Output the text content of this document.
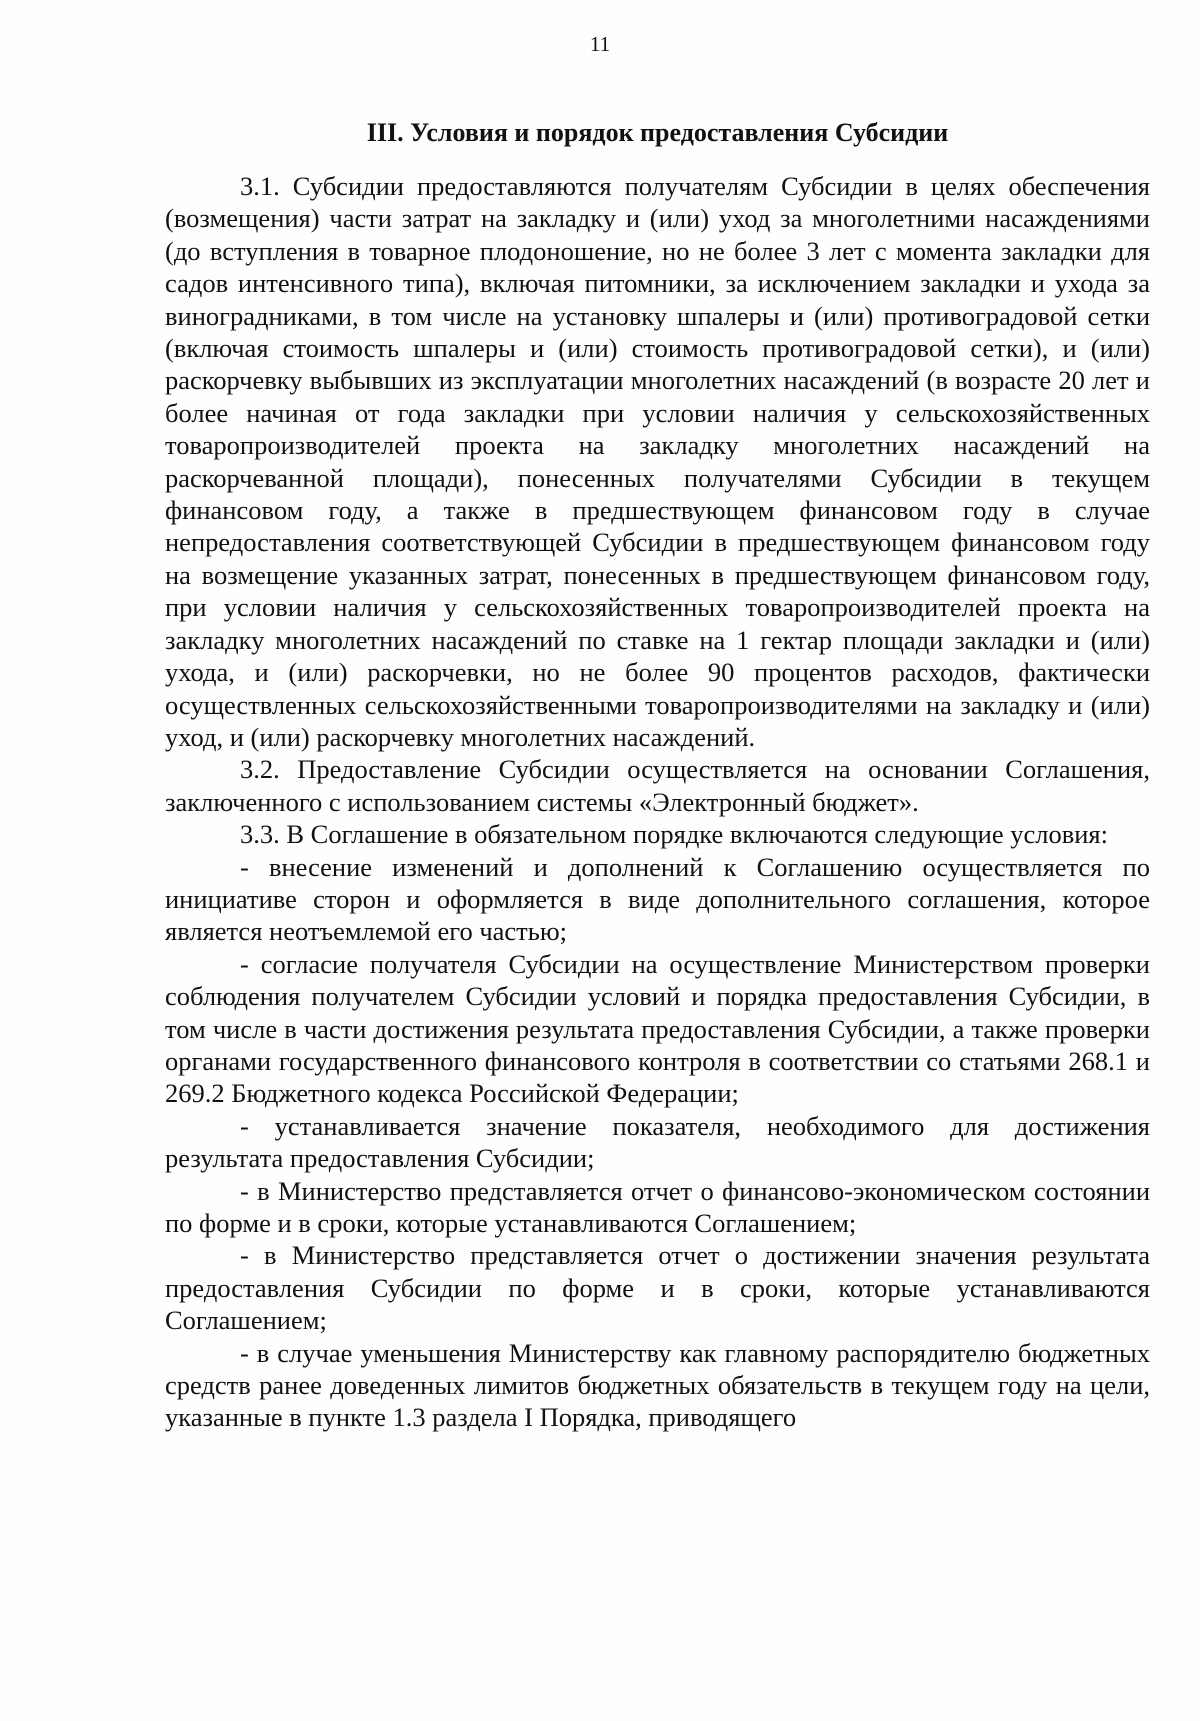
11
III. Условия и порядок предоставления Субсидии

3.1. Субсидии предоставляются получателям Субсидии в целях обеспечения (возмещения) части затрат на закладку и (или) уход за многолетними насаждениями (до вступления в товарное плодоношение, но не более 3 лет с момента закладки для садов интенсивного типа), включая питомники, за исключением закладки и ухода за виноградниками, в том числе на установку шпалеры и (или) противоградовой сетки (включая стоимость шпалеры и (или) стоимость противоградовой сетки), и (или) раскорчевку выбывших из эксплуатации многолетних насаждений (в возрасте 20 лет и более начиная от года закладки при условии наличия у сельскохозяйственных товаропроизводителей проекта на закладку многолетних насаждений на раскорчеванной площади), понесенных получателями Субсидии в текущем финансовом году, а также в предшествующем финансовом году в случае непредоставления соответствующей Субсидии в предшествующем финансовом году на возмещение указанных затрат, понесенных в предшествующем финансовом году, при условии наличия у сельскохозяйственных товаропроизводителей проекта на закладку многолетних насаждений по ставке на 1 гектар площади закладки и (или) ухода, и (или) раскорчевки, но не более 90 процентов расходов, фактически осуществленных сельскохозяйственными товаропроизводителями на закладку и (или) уход, и (или) раскорчевку многолетних насаждений.

3.2. Предоставление Субсидии осуществляется на основании Соглашения, заключенного с использованием системы «Электронный бюджет».

3.3. В Соглашение в обязательном порядке включаются следующие условия:

- внесение изменений и дополнений к Соглашению осуществляется по инициативе сторон и оформляется в виде дополнительного соглашения, которое является неотъемлемой его частью;

- согласие получателя Субсидии на осуществление Министерством проверки соблюдения получателем Субсидии условий и порядка предоставления Субсидии, в том числе в части достижения результата предоставления Субсидии, а также проверки органами государственного финансового контроля в соответствии со статьями 268.1 и 269.2 Бюджетного кодекса Российской Федерации;

- устанавливается значение показателя, необходимого для достижения результата предоставления Субсидии;

- в Министерство представляется отчет о финансово-экономическом состоянии по форме и в сроки, которые устанавливаются Соглашением;

- в Министерство представляется отчет о достижении значения результата предоставления Субсидии по форме и в сроки, которые устанавливаются Соглашением;

- в случае уменьшения Министерству как главному распорядителю бюджетных средств ранее доведенных лимитов бюджетных обязательств в текущем году на цели, указанные в пункте 1.3 раздела I Порядка, приводящего
